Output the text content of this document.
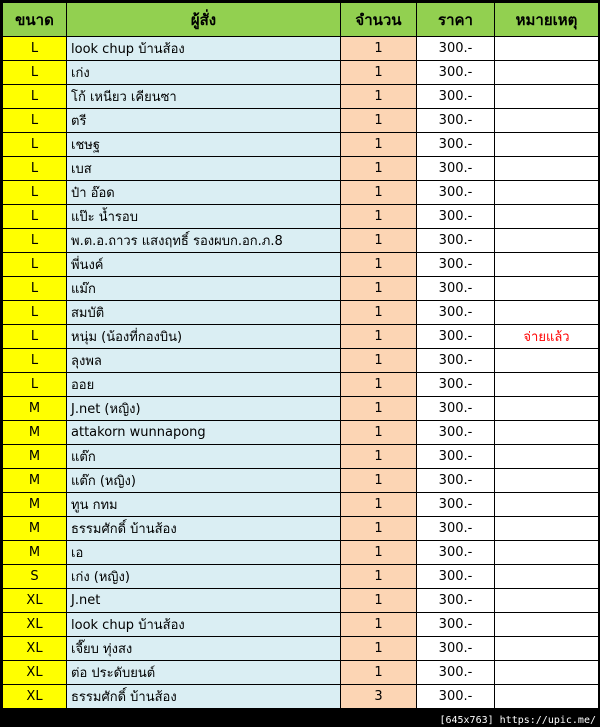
ขนาด	ผู้สั่ง	จำนวน	ราคา	หมายเหตุ
L	look chup บ้านส้อง	1	300.-	
L	เก่ง	1	300.-	
L	โก้ เหนียว เคียนซา	1	300.-	
L	ตรี	1	300.-	
L	เชษฐ	1	300.-	
L	เบส	1	300.-	
L	ป๋า อ๊อด	1	300.-	
L	แป๊ะ น้ำรอบ	1	300.-	
L	พ.ต.อ.ถาวร แสงฤทธิ์ รองผบก.อก.ภ.8	1	300.-	
L	พี่นงค์	1	300.-	
L	แม๊ก	1	300.-	
L	สมบัติ	1	300.-	
L	หนุ่ม (น้องที่กองบิน)	1	300.-	จ่ายแล้ว
L	ลุงพล	1	300.-	
L	ออย	1	300.-	
M	J.net (หญิง)	1	300.-	
M	attakorn wunnapong	1	300.-	
M	แต๊ก	1	300.-	
M	แต๊ก (หญิง)	1	300.-	
M	ทูน กทม	1	300.-	
M	ธรรมศักดิ์ บ้านส้อง	1	300.-	
M	เอ	1	300.-	
S	เก่ง (หญิง)	1	300.-	
XL	J.net	1	300.-	
XL	look chup บ้านส้อง	1	300.-	
XL	เจี๊ยบ ทุ่งสง	1	300.-	
XL	ต่อ ประดับยนต์	1	300.-	
XL	ธรรมศักดิ์ บ้านส้อง	3	300.-	
[645x763] https://upic.me/
